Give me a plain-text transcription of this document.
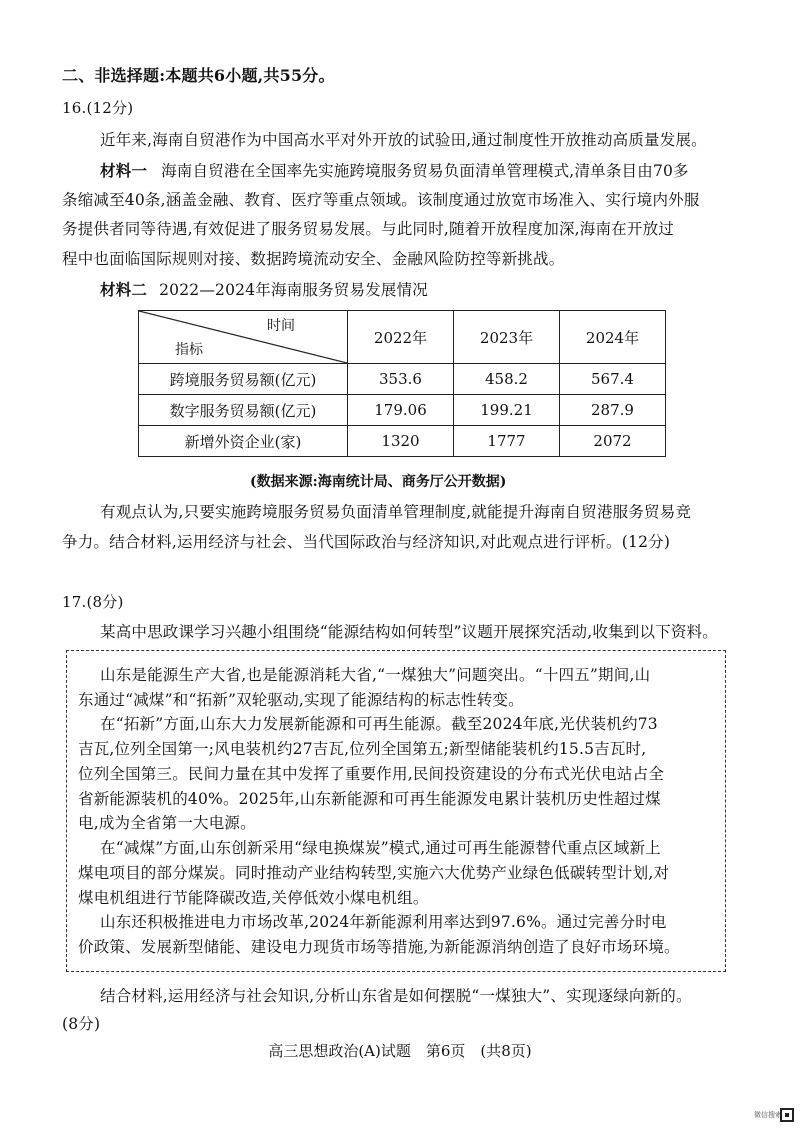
二、非选择题:本题共6小题,共55分。
16.(12分)
近年来,海南自贸港作为中国高水平对外开放的试验田,通过制度性开放推动高质量发展。
材料一 海南自贸港在全国率先实施跨境服务贸易负面清单管理模式,清单条目由70多
条缩减至40条,涵盖金融、教育、医疗等重点领域。该制度通过放宽市场准入、实行境内外服
务提供者同等待遇,有效促进了服务贸易发展。与此同时,随着开放程度加深,海南在开放过
程中也面临国际规则对接、数据跨境流动安全、金融风险防控等新挑战。
材料二 2022—2024年海南服务贸易发展情况
时间
指标	2022年	2023年	2024年
跨境服务贸易额(亿元)	353.6	458.2	567.4
数字服务贸易额(亿元)	179.06	199.21	287.9
新增外资企业(家)	1320	1777	2072
(数据来源:海南统计局、商务厅公开数据)
有观点认为,只要实施跨境服务贸易负面清单管理制度,就能提升海南自贸港服务贸易竞
争力。结合材料,运用经济与社会、当代国际政治与经济知识,对此观点进行评析。(12分)
17.(8分)
某高中思政课学习兴趣小组围绕“能源结构如何转型”议题开展探究活动,收集到以下资料。
山东是能源生产大省,也是能源消耗大省,“一煤独大”问题突出。“十四五”期间,山
东通过“减煤”和“拓新”双轮驱动,实现了能源结构的标志性转变。
在“拓新”方面,山东大力发展新能源和可再生能源。截至2024年底,光伏装机约73
吉瓦,位列全国第一;风电装机约27吉瓦,位列全国第五;新型储能装机约15.5吉瓦时,
位列全国第三。民间力量在其中发挥了重要作用,民间投资建设的分布式光伏电站占全
省新能源装机的40%。2025年,山东新能源和可再生能源发电累计装机历史性超过煤
电,成为全省第一大电源。
在“减煤”方面,山东创新采用“绿电换煤炭”模式,通过可再生能源替代重点区域新上
煤电项目的部分煤炭。同时推动产业结构转型,实施六大优势产业绿色低碳转型计划,对
煤电机组进行节能降碳改造,关停低效小煤电机组。
山东还积极推进电力市场改革,2024年新能源利用率达到97.6%。通过完善分时电
价政策、发展新型储能、建设电力现货市场等措施,为新能源消纳创造了良好市场环境。
结合材料,运用经济与社会知识,分析山东省是如何摆脱“一煤独大”、实现逐绿向新的。
(8分)
高三思想政治(A)试题　第6页　(共8页)
微信搜索
